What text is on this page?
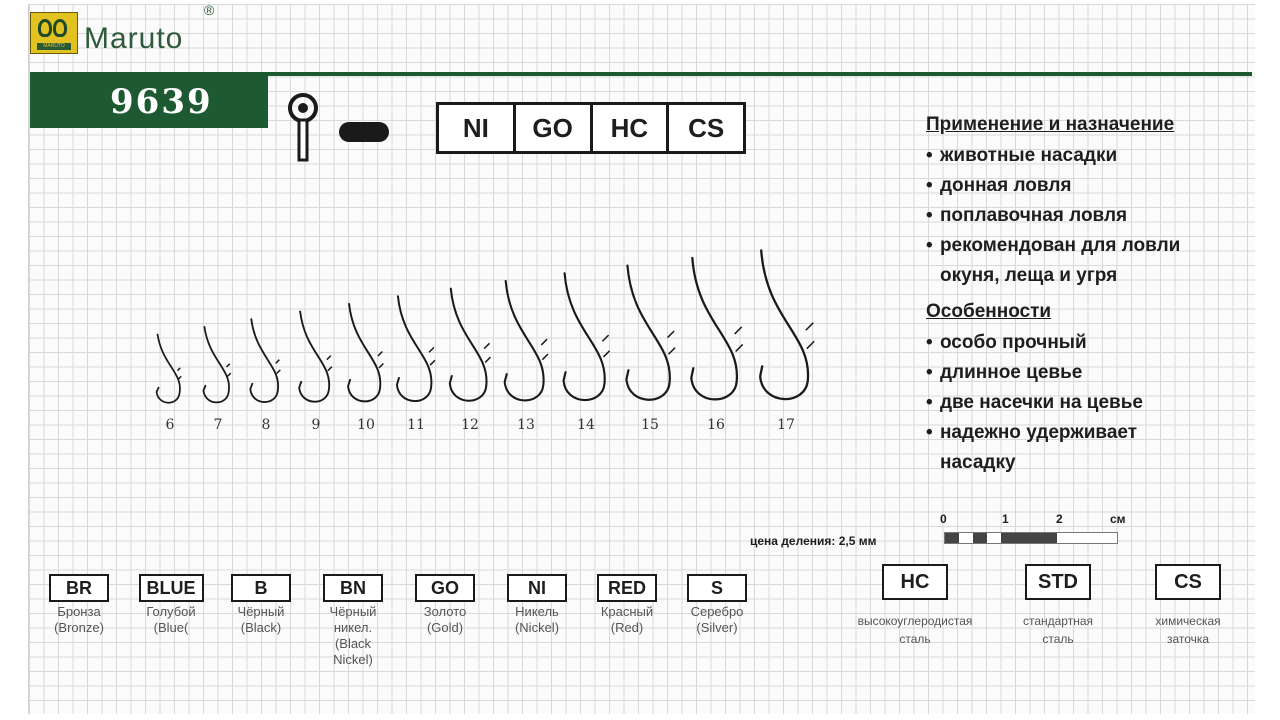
MARUTO Maruto
®
9639
NI	GO	HC	CS
6	7	8	9	10 11	12	13	14	15	16	17
Применение и назначение
• животные насадки
• донная ловля
• поплавочная ловля
• рекомендован для ловли
окуня, леща и угря
Особенности
• особо прочный
• длинное цевье
• две насечки на цевье
• надежно удерживает
насадку
0	1	2	см
цена деления: 2,5 мм
BR
Бронза
(Bronze)
BLUE
Голубой
(Blue(
B
Чёрный
(Black)
BN
Чёрный
никел.
(Black
Nickel)
GO
Золото
(Gold)
NI
Никель
(Nickel)
RED
Красный
(Red)
S
Серебро
(Silver)
HC
высокоуглеродистая
сталь
STD
стандартная
сталь
CS
химическая
заточка
